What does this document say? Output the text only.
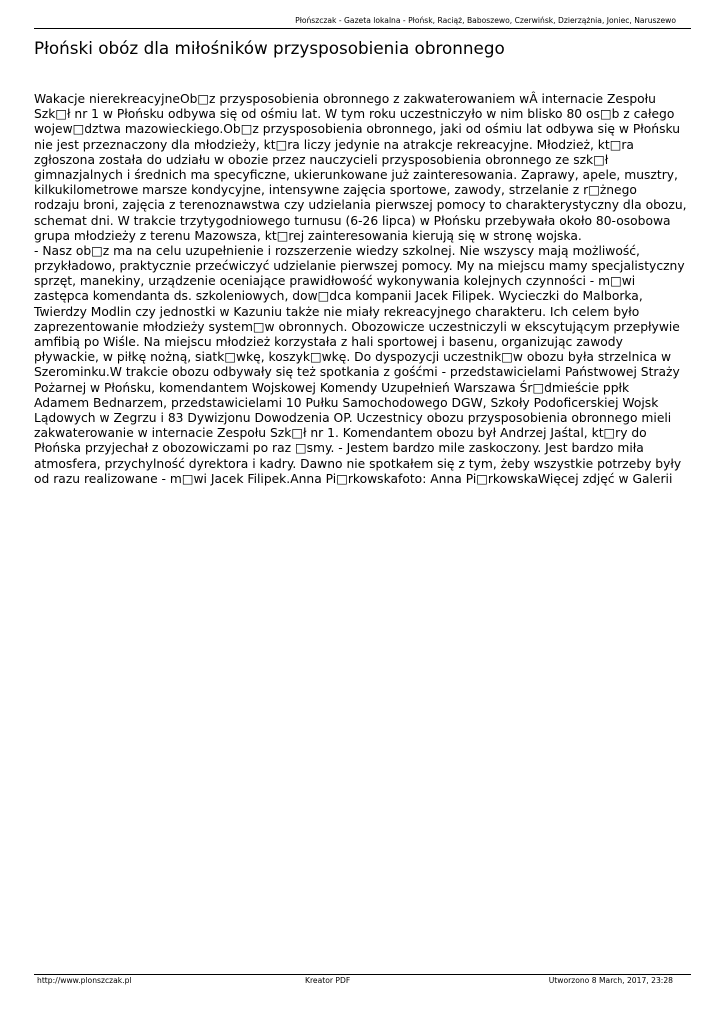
Płońszczak - Gazeta lokalna - Płońsk, Raciąż, Baboszewo, Czerwińsk, Dzierzążnia, Joniec, Naruszewo
Płoński obóz dla miłośników przysposobienia obronnego
Wakacje nierekreacyjneOb□z przysposobienia obronnego z zakwaterowaniem wÂ internacie Zespołu
Szk□ł nr 1 w Płońsku odbywa się od ośmiu lat. W tym roku uczestniczyło w nim blisko 80 os□b z całego
wojew□dztwa mazowieckiego.Ob□z przysposobienia obronnego, jaki od ośmiu lat odbywa się w Płońsku
nie jest przeznaczony dla młodzieży, kt□ra liczy jedynie na atrakcje rekreacyjne. Młodzież, kt□ra
zgłoszona została do udziału w obozie przez nauczycieli przysposobienia obronnego ze szk□ł
gimnazjalnych i średnich ma specyficzne, ukierunkowane już zainteresowania. Zaprawy, apele, musztry,
kilkukilometrowe marsze kondycyjne, intensywne zajęcia sportowe, zawody, strzelanie z r□żnego
rodzaju broni, zajęcia z terenoznawstwa czy udzielania pierwszej pomocy to charakterystyczny dla obozu,
schemat dni. W trakcie trzytygodniowego turnusu (6-26 lipca) w Płońsku przebywała około 80-osobowa
grupa młodzieży z terenu Mazowsza, kt□rej zainteresowania kierują się w stronę wojska.
- Nasz ob□z ma na celu uzupełnienie i rozszerzenie wiedzy szkolnej. Nie wszyscy mają możliwość,
przykładowo, praktycznie przećwiczyć udzielanie pierwszej pomocy. My na miejscu mamy specjalistyczny
sprzęt, manekiny, urządzenie oceniające prawidłowość wykonywania kolejnych czynności - m□wi
zastępca komendanta ds. szkoleniowych, dow□dca kompanii Jacek Filipek. Wycieczki do Malborka,
Twierdzy Modlin czy jednostki w Kazuniu także nie miały rekreacyjnego charakteru. Ich celem było
zaprezentowanie młodzieży system□w obronnych. Obozowicze uczestniczyli w ekscytującym przepływie
amfibią po Wiśle. Na miejscu młodzież korzystała z hali sportowej i basenu, organizując zawody
pływackie, w piłkę nożną, siatk□wkę, koszyk□wkę. Do dyspozycji uczestnik□w obozu była strzelnica w
Szerominku.W trakcie obozu odbywały się też spotkania z gośćmi - przedstawicielami Państwowej Straży
Pożarnej w Płońsku, komendantem Wojskowej Komendy Uzupełnień Warszawa Śr□dmieście ppłk
Adamem Bednarzem, przedstawicielami 10 Pułku Samochodowego DGW, Szkoły Podoficerskiej Wojsk
Lądowych w Zegrzu i 83 Dywizjonu Dowodzenia OP. Uczestnicy obozu przysposobienia obronnego mieli
zakwaterowanie w internacie Zespołu Szk□ł nr 1. Komendantem obozu był Andrzej Jaśtal, kt□ry do
Płońska przyjechał z obozowiczami po raz □smy. - Jestem bardzo mile zaskoczony. Jest bardzo miła
atmosfera, przychylność dyrektora i kadry. Dawno nie spotkałem się z tym, żeby wszystkie potrzeby były
od razu realizowane - m□wi Jacek Filipek.Anna Pi□rkowskafoto: Anna Pi□rkowskaWięcej zdjęć w Galerii
http://www.plonszczak.pl	Kreator PDF	Utworzono 8 March, 2017, 23:28
